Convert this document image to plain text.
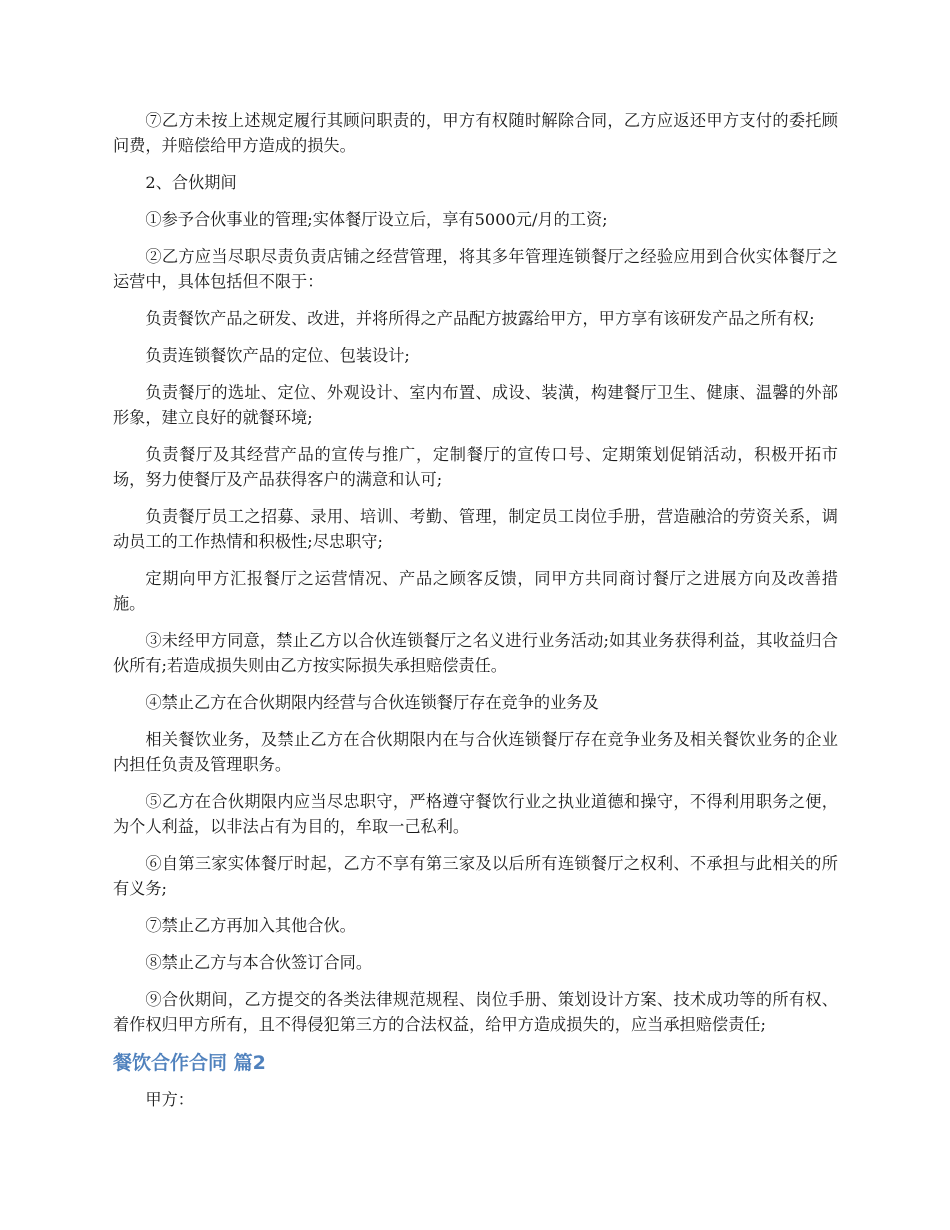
⑦乙方未按上述规定履行其顾问职责的，甲方有权随时解除合同，乙方应返还甲方支付的委托顾问费，并赔偿给甲方造成的损失。

2、合伙期间

①参予合伙事业的管理;实体餐厅设立后，享有5000元/月的工资;

②乙方应当尽职尽责负责店铺之经营管理，将其多年管理连锁餐厅之经验应用到合伙实体餐厅之运营中，具体包括但不限于：

负责餐饮产品之研发、改进，并将所得之产品配方披露给甲方，甲方享有该研发产品之所有权;

负责连锁餐饮产品的定位、包装设计;

负责餐厅的选址、定位、外观设计、室内布置、成设、装潢，构建餐厅卫生、健康、温馨的外部形象，建立良好的就餐环境;

负责餐厅及其经营产品的宣传与推广，定制餐厅的宣传口号、定期策划促销活动，积极开拓市场，努力使餐厅及产品获得客户的满意和认可;

负责餐厅员工之招募、录用、培训、考勤、管理，制定员工岗位手册，营造融洽的劳资关系，调动员工的工作热情和积极性;尽忠职守;

定期向甲方汇报餐厅之运营情况、产品之顾客反馈，同甲方共同商讨餐厅之进展方向及改善措施。

③未经甲方同意，禁止乙方以合伙连锁餐厅之名义进行业务活动;如其业务获得利益，其收益归合伙所有;若造成损失则由乙方按实际损失承担赔偿责任。

④禁止乙方在合伙期限内经营与合伙连锁餐厅存在竞争的业务及

相关餐饮业务，及禁止乙方在合伙期限内在与合伙连锁餐厅存在竞争业务及相关餐饮业务的企业内担任负责及管理职务。

⑤乙方在合伙期限内应当尽忠职守，严格遵守餐饮行业之执业道德和操守，不得利用职务之便，为个人利益，以非法占有为目的，牟取一己私利。

⑥自第三家实体餐厅时起，乙方不享有第三家及以后所有连锁餐厅之权利、不承担与此相关的所有义务;

⑦禁止乙方再加入其他合伙。

⑧禁止乙方与本合伙签订合同。

⑨合伙期间，乙方提交的各类法律规范规程、岗位手册、策划设计方案、技术成功等的所有权、着作权归甲方所有，且不得侵犯第三方的合法权益，给甲方造成损失的，应当承担赔偿责任;

餐饮合作合同 篇2

甲方：
